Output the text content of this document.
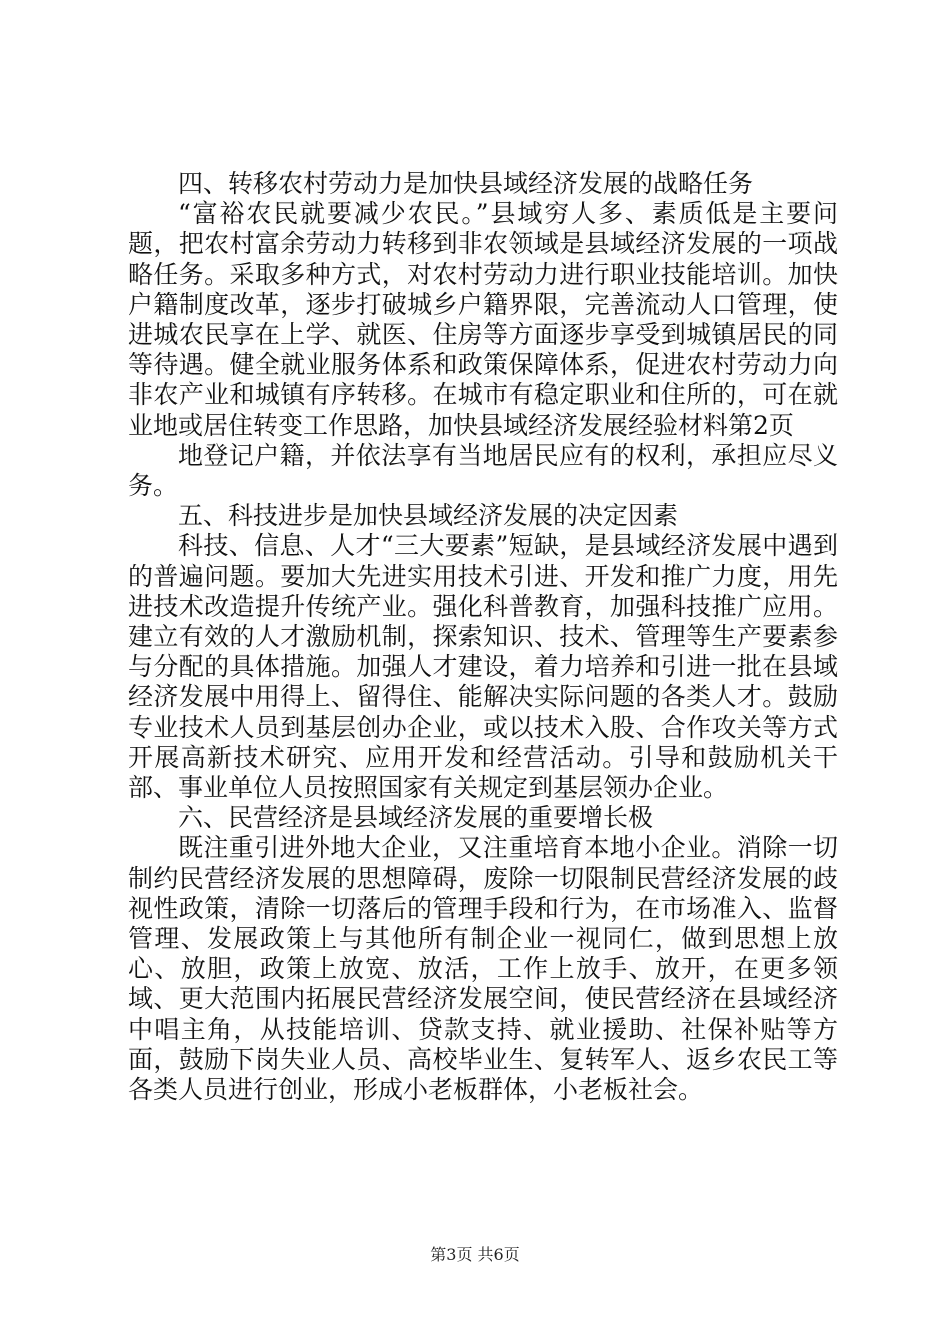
四、转移农村劳动力是加快县域经济发展的战略任务

“富裕农民就要减少农民。”县域穷人多、素质低是主要问题，把农村富余劳动力转移到非农领域是县域经济发展的一项战略任务。采取多种方式，对农村劳动力进行职业技能培训。加快户籍制度改革，逐步打破城乡户籍界限，完善流动人口管理，使进城农民享在上学、就医、住房等方面逐步享受到城镇居民的同等待遇。健全就业服务体系和政策保障体系，促进农村劳动力向非农产业和城镇有序转移。在城市有稳定职业和住所的，可在就业地或居住转变工作思路，加快县域经济发展经验材料第2页

地登记户籍，并依法享有当地居民应有的权利，承担应尽义务。

五、科技进步是加快县域经济发展的决定因素

科技、信息、人才“三大要素”短缺，是县域经济发展中遇到的普遍问题。要加大先进实用技术引进、开发和推广力度，用先进技术改造提升传统产业。强化科普教育，加强科技推广应用。建立有效的人才激励机制，探索知识、技术、管理等生产要素参与分配的具体措施。加强人才建设，着力培养和引进一批在县域经济发展中用得上、留得住、能解决实际问题的各类人才。鼓励专业技术人员到基层创办企业，或以技术入股、合作攻关等方式开展高新技术研究、应用开发和经营活动。引导和鼓励机关干部、事业单位人员按照国家有关规定到基层领办企业。

六、民营经济是县域经济发展的重要增长极

既注重引进外地大企业，又注重培育本地小企业。消除一切制约民营经济发展的思想障碍，废除一切限制民营经济发展的歧视性政策，清除一切落后的管理手段和行为，在市场准入、监督管理、发展政策上与其他所有制企业一视同仁，做到思想上放心、放胆，政策上放宽、放活，工作上放手、放开，在更多领域、更大范围内拓展民营经济发展空间，使民营经济在县域经济中唱主角，从技能培训、贷款支持、就业援助、社保补贴等方面，鼓励下岗失业人员、高校毕业生、复转军人、返乡农民工等各类人员进行创业，形成小老板群体，小老板社会。

第3页 共6页
